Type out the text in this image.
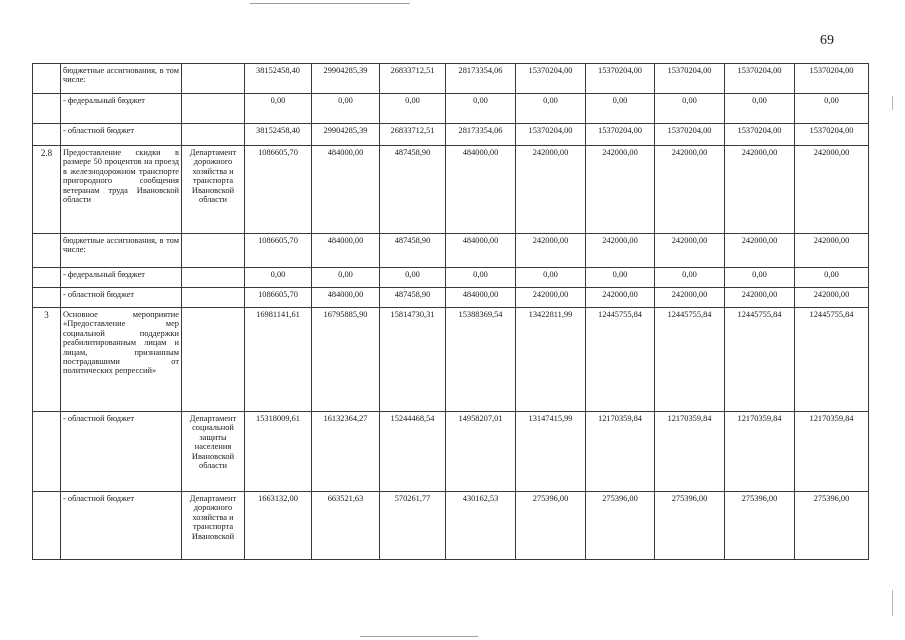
69
	бюджетные ассигнования, в том числе:		38152458,40	29904285,39	26833712,51	28173354,06	15370204,00	15370204,00	15370204,00	15370204,00	15370204,00
	- федеральный бюджет		0,00	0,00	0,00	0,00	0,00	0,00	0,00	0,00	0,00
	- областной бюджет		38152458,40	29904285,39	26833712,51	28173354,06	15370204,00	15370204,00	15370204,00	15370204,00	15370204,00
2.8	Предоставление скидки в размере 50 процентов на проезд в железнодорожном транспорте пригородного сообщения ветеранам труда Ивановской области	Департамент дорожного хозяйства и транспорта Ивановской области	1086605,70	484000,00	487458,90	484000,00	242000,00	242000,00	242000,00	242000,00	242000,00
	бюджетные ассигнования, в том числе:		1086605,70	484000,00	487458,90	484000,00	242000,00	242000,00	242000,00	242000,00	242000,00
	- федеральный бюджет		0,00	0,00	0,00	0,00	0,00	0,00	0,00	0,00	0,00
	- областной бюджет		1086605,70	484000,00	487458,90	484000,00	242000,00	242000,00	242000,00	242000,00	242000,00
3	Основное мероприятие «Предоставление мер социальной поддержки реабилитированным лицам и лицам, признанным пострадавшими от политических репрессий»		16981141,61	16795885,90	15814730,31	15388369,54	13422811,99	12445755,84	12445755,84	12445755,84	12445755,84
	- областной бюджет	Департамент социальной защиты населения Ивановской области	15318009,61	16132364,27	15244468,54	14958207,01	13147415,99	12170359,84	12170359,84	12170359,84	12170359,84
	- областной бюджет	Департамент дорожного хозяйства и транспорта Ивановской	1663132,00	663521,63	570261,77	430162,53	275396,00	275396,00	275396,00	275396,00	275396,00
